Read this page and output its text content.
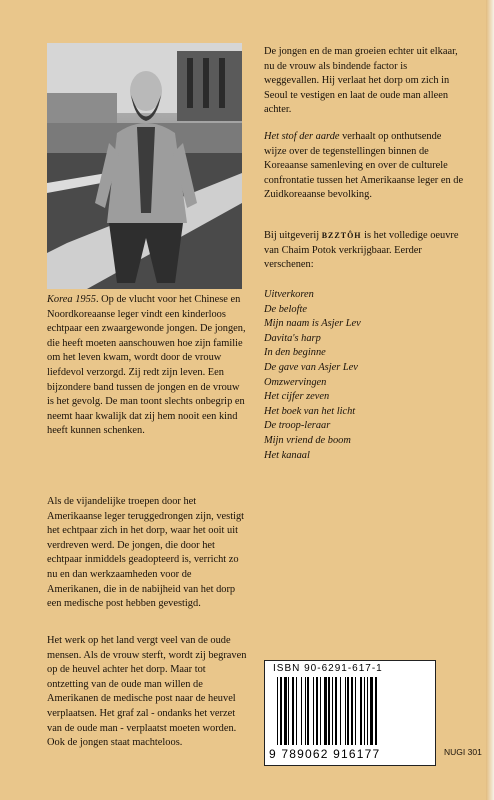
Korea 1955. Op de vlucht voor het Chinese en Noordkoreaanse leger vindt een kinderloos echtpaar een zwaargewonde jongen. De jongen, die heeft moeten aanschouwen hoe zijn familie om het leven kwam, wordt door de vrouw liefdevol verzorgd. Zij redt zijn leven. Een bijzondere band tussen de jongen en de vrouw is het gevolg. De man toont slechts onbegrip en neemt haar kwalijk dat zij hem nooit een kind heeft kunnen schenken.

Als de vijandelijke troepen door het Amerikaanse leger teruggedrongen zijn, vestigt het echtpaar zich in het dorp, waar het ooit uit verdreven werd. De jongen, die door het echtpaar inmiddels geadopteerd is, verricht zo nu en dan werkzaamheden voor de Amerikanen, die in de nabijheid van het dorp een medische post hebben gevestigd.

Het werk op het land vergt veel van de oude mensen. Als de vrouw sterft, wordt zij begraven op de heuvel achter het dorp. Maar tot ontzetting van de oude man willen de Amerikanen de medische post naar de heuvel verplaatsen. Het graf zal - ondanks het verzet van de oude man - verplaatst moeten worden. Ook de jongen staat machteloos.

De jongen en de man groeien echter uit elkaar, nu de vrouw als bindende factor is weggevallen. Hij verlaat het dorp om zich in Seoul te vestigen en laat de oude man alleen achter.

Het stof der aarde verhaalt op onthutsende wijze over de tegenstellingen binnen de Koreaanse samenleving en over de culturele confrontatie tussen het Amerikaanse leger en de Zuidkoreaanse bevolking.

Bij uitgeverij BZZTÔH is het volledige oeuvre van Chaim Potok verkrijgbaar. Eerder verschenen:

Uitverkoren
De belofte
Mijn naam is Asjer Lev
Davita's harp
In den beginne
De gave van Asjer Lev
Omzwervingen
Het cijfer zeven
Het boek van het licht
De troop-leraar
Mijn vriend de boom
Het kanaal
ISBN 90-6291-617-1
9 789062 916177	NUGI 301
